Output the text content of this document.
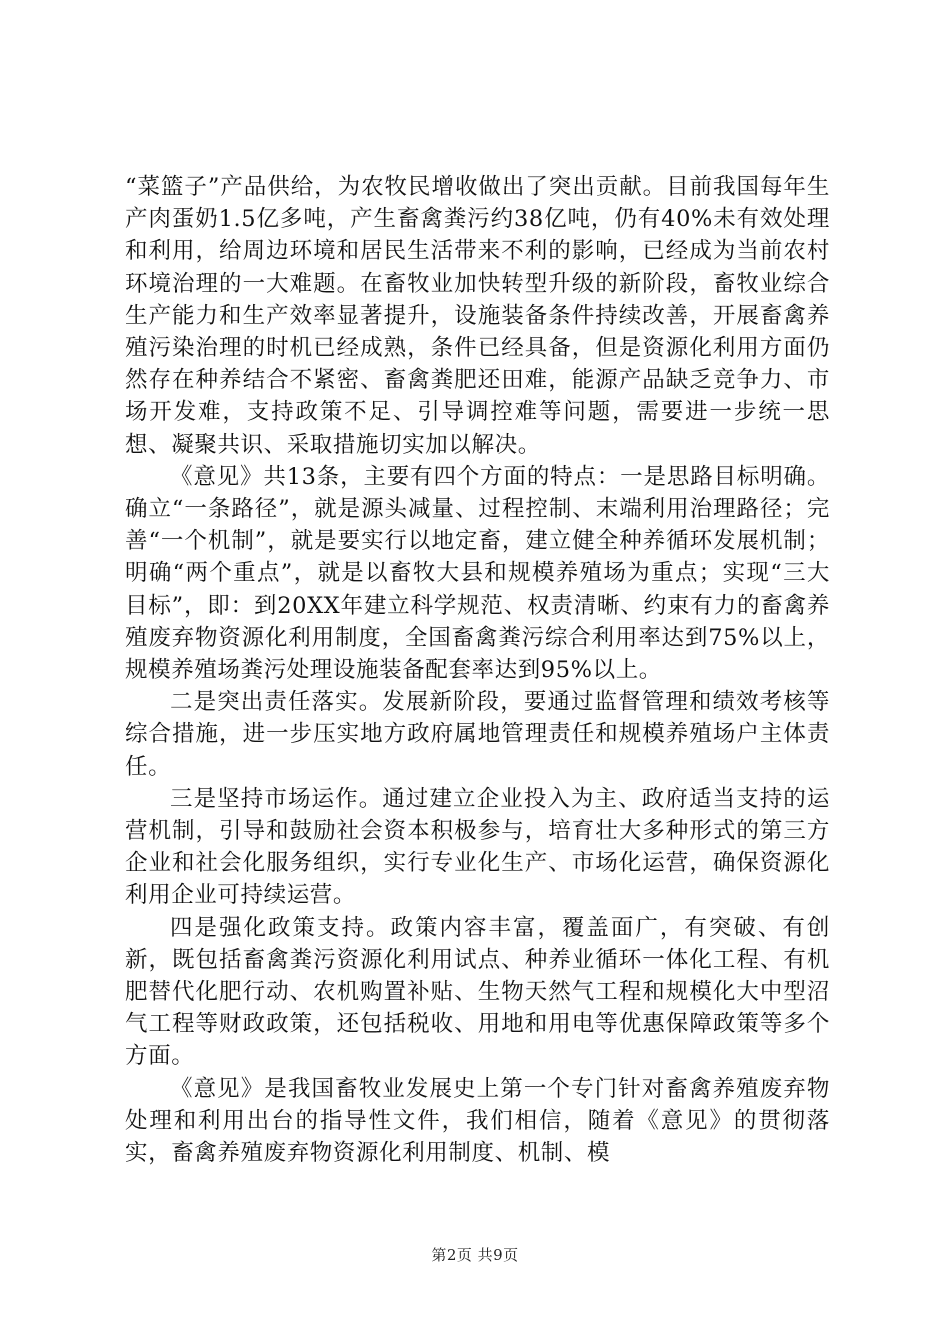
“菜篮子”产品供给，为农牧民增收做出了突出贡献。目前我国每年生产肉蛋奶1.5亿多吨，产生畜禽粪污约38亿吨，仍有40%未有效处理和利用，给周边环境和居民生活带来不利的影响，已经成为当前农村环境治理的一大难题。在畜牧业加快转型升级的新阶段，畜牧业综合生产能力和生产效率显著提升，设施装备条件持续改善，开展畜禽养殖污染治理的时机已经成熟，条件已经具备，但是资源化利用方面仍然存在种养结合不紧密、畜禽粪肥还田难，能源产品缺乏竞争力、市场开发难，支持政策不足、引导调控难等问题，需要进一步统一思想、凝聚共识、采取措施切实加以解决。

《意见》共13条，主要有四个方面的特点：一是思路目标明确。确立“一条路径”，就是源头减量、过程控制、末端利用治理路径；完善“一个机制”，就是要实行以地定畜，建立健全种养循环发展机制；明确“两个重点”，就是以畜牧大县和规模养殖场为重点；实现“三大目标”，即：到20XX年建立科学规范、权责清晰、约束有力的畜禽养殖废弃物资源化利用制度，全国畜禽粪污综合利用率达到75%以上，规模养殖场粪污处理设施装备配套率达到95%以上。

二是突出责任落实。发展新阶段，要通过监督管理和绩效考核等综合措施，进一步压实地方政府属地管理责任和规模养殖场户主体责任。

三是坚持市场运作。通过建立企业投入为主、政府适当支持的运营机制，引导和鼓励社会资本积极参与，培育壮大多种形式的第三方企业和社会化服务组织，实行专业化生产、市场化运营，确保资源化利用企业可持续运营。

四是强化政策支持。政策内容丰富，覆盖面广，有突破、有创新，既包括畜禽粪污资源化利用试点、种养业循环一体化工程、有机肥替代化肥行动、农机购置补贴、生物天然气工程和规模化大中型沼气工程等财政政策，还包括税收、用地和用电等优惠保障政策等多个方面。

《意见》是我国畜牧业发展史上第一个专门针对畜禽养殖废弃物处理和利用出台的指导性文件，我们相信，随着《意见》的贯彻落实，畜禽养殖废弃物资源化利用制度、机制、模

第2页 共9页
